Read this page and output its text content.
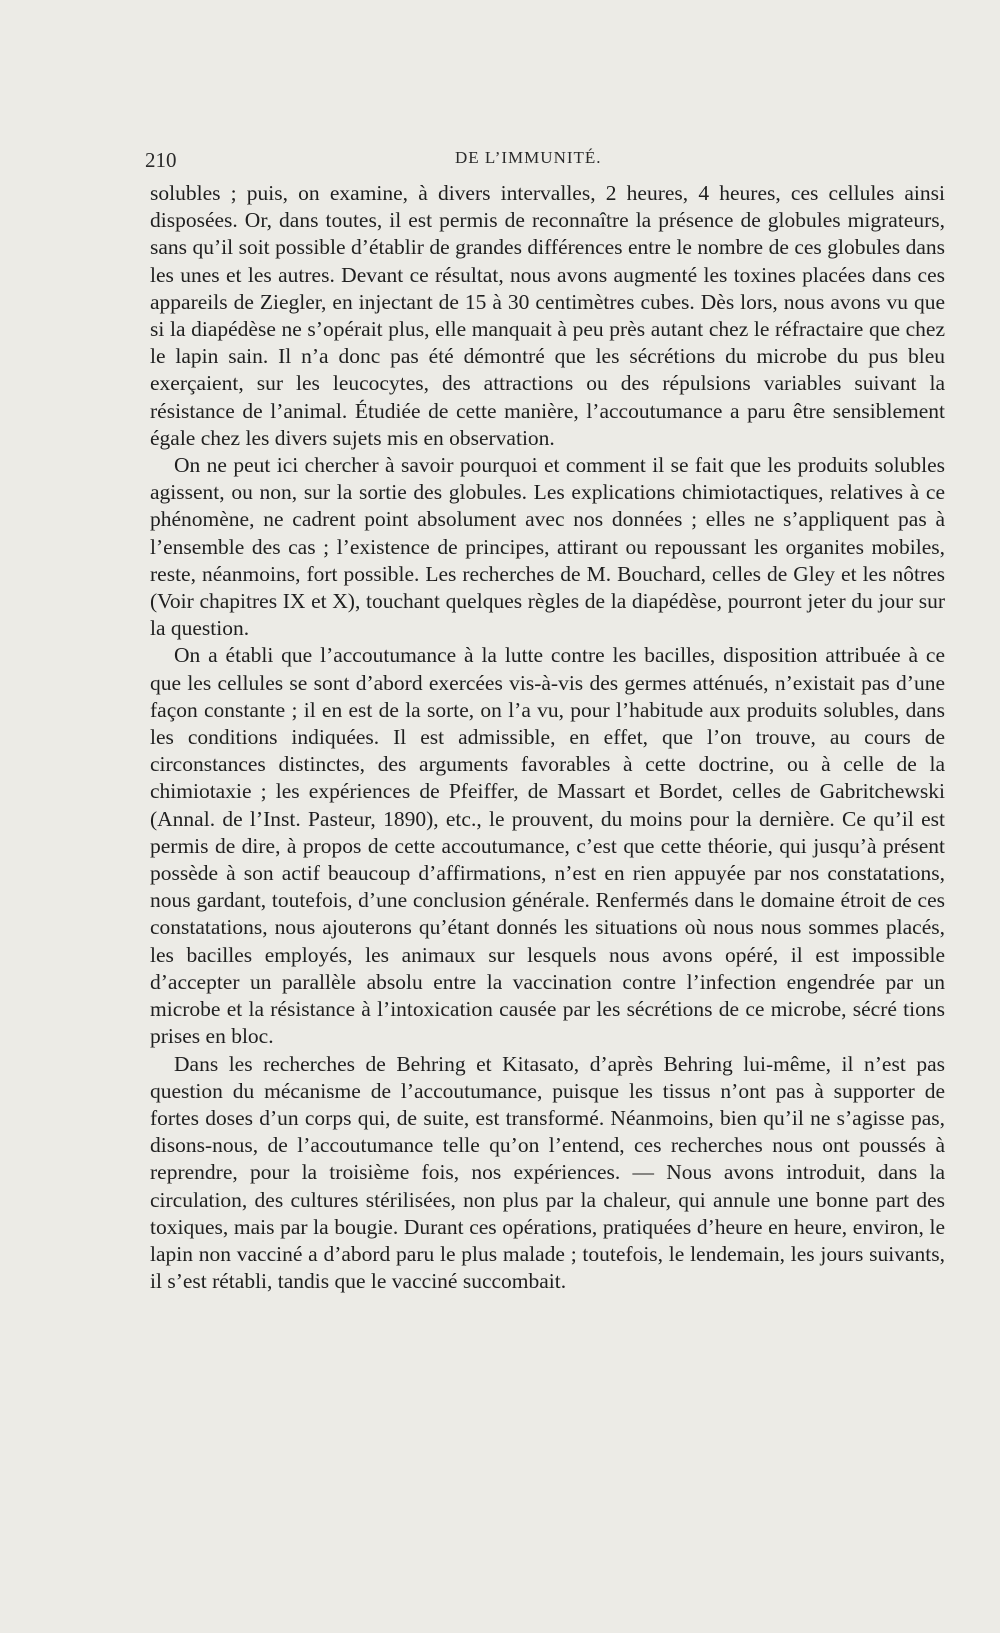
210	DE L’IMMUNITÉ.

solubles ; puis, on examine, à divers intervalles, 2 heures, 4 heures, ces cellules ainsi disposées. Or, dans toutes, il est permis de reconnaître la présence de globules migrateurs, sans qu’il soit possible d’établir de grandes différences entre le nombre de ces globules dans les unes et les autres. Devant ce résultat, nous avons augmenté les toxines placées dans ces appareils de Ziegler, en injectant de 15 à 30 centimètres cubes. Dès lors, nous avons vu que si la diapédèse ne s’opérait plus, elle manquait à peu près autant chez le réfractaire que chez le lapin sain. Il n’a donc pas été démontré que les sécrétions du microbe du pus bleu exerçaient, sur les leucocytes, des attractions ou des répulsions variables suivant la résistance de l’animal. Étudiée de cette manière, l’accoutumance a paru être sensiblement égale chez les divers sujets mis en observation.

On ne peut ici chercher à savoir pourquoi et comment il se fait que les produits solubles agissent, ou non, sur la sortie des globules. Les explications chimiotactiques, relatives à ce phénomène, ne cadrent point absolument avec nos données ; elles ne s’appliquent pas à l’ensemble des cas ; l’existence de principes, attirant ou repoussant les organites mobiles, reste, néanmoins, fort possible. Les recherches de M. Bouchard, celles de Gley et les nôtres (Voir chapitres IX et X), touchant quelques règles de la diapédèse, pourront jeter du jour sur la question.

On a établi que l’accoutumance à la lutte contre les bacilles, disposition attribuée à ce que les cellules se sont d’abord exercées vis-à-vis des germes atténués, n’existait pas d’une façon constante ; il en est de la sorte, on l’a vu, pour l’habitude aux produits solubles, dans les conditions indiquées. Il est admissible, en effet, que l’on trouve, au cours de circonstances distinctes, des arguments favorables à cette doctrine, ou à celle de la chimiotaxie ; les expériences de Pfeiffer, de Massart et Bordet, celles de Gabritchewski (Annal. de l’Inst. Pasteur, 1890), etc., le prouvent, du moins pour la dernière. Ce qu’il est permis de dire, à propos de cette accoutumance, c’est que cette théorie, qui jusqu’à présent possède à son actif beaucoup d’affirmations, n’est en rien appuyée par nos constatations, nous gardant, toutefois, d’une conclusion générale. Renfermés dans le domaine étroit de ces constatations, nous ajouterons qu’étant donnés les situations où nous nous sommes placés, les bacilles employés, les animaux sur lesquels nous avons opéré, il est impossible d’accepter un parallèle absolu entre la vaccination contre l’infection engendrée par un microbe et la résistance à l’intoxication causée par les sécrétions de ce microbe, sécré tions prises en bloc.

Dans les recherches de Behring et Kitasato, d’après Behring lui-même, il n’est pas question du mécanisme de l’accoutumance, puisque les tissus n’ont pas à supporter de fortes doses d’un corps qui, de suite, est transformé. Néanmoins, bien qu’il ne s’agisse pas, disons-nous, de l’accoutumance telle qu’on l’entend, ces recherches nous ont poussés à reprendre, pour la troisième fois, nos expériences. — Nous avons introduit, dans la circulation, des cultures stérilisées, non plus par la chaleur, qui annule une bonne part des toxiques, mais par la bougie. Durant ces opérations, pratiquées d’heure en heure, environ, le lapin non vacciné a d’abord paru le plus malade ; toutefois, le lendemain, les jours suivants, il s’est rétabli, tandis que le vacciné succombait.
